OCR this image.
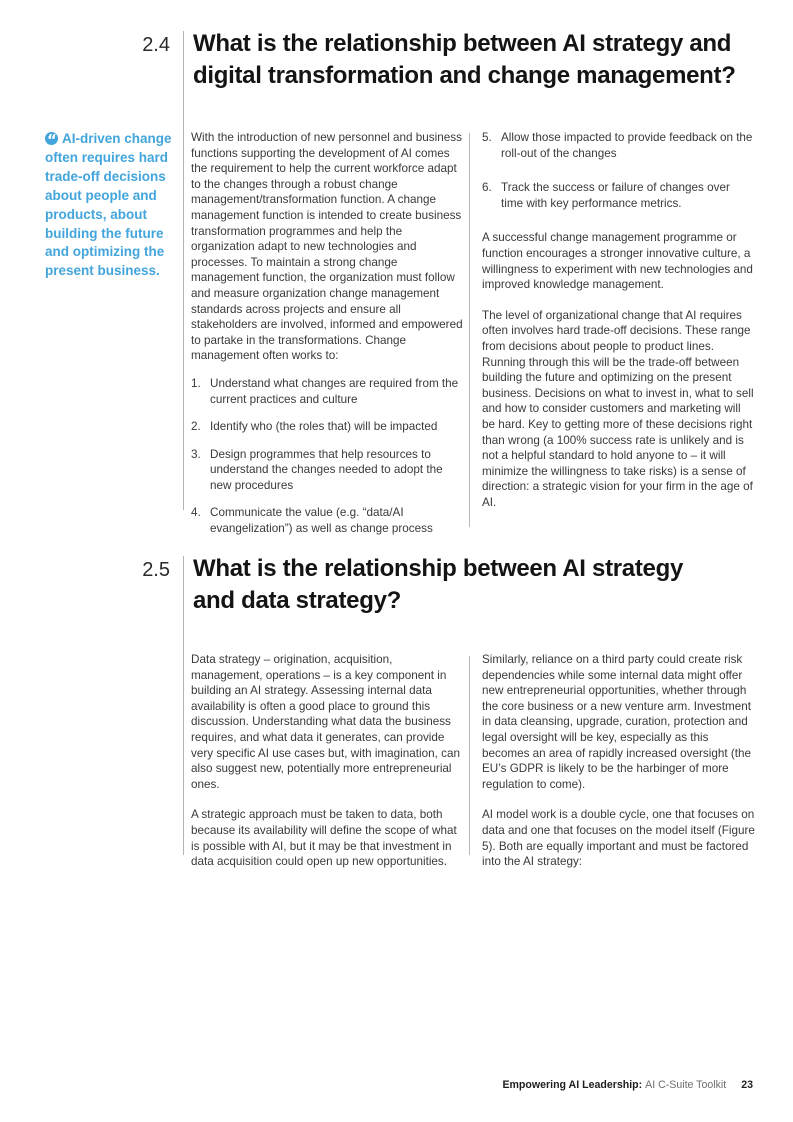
2.4 What is the relationship between AI strategy and
digital transformation and change management?
“AI-driven change often requires hard trade-off decisions about people and products, about building the future and optimizing the present business.

With the introduction of new personnel and business functions supporting the development of AI comes the requirement to help the current workforce adapt to the changes through a robust change management/transformation function. A change management function is intended to create business transformation programmes and help the organization adapt to new technologies and processes. To maintain a strong change management function, the organization must follow and measure organization change management standards across projects and ensure all stakeholders are involved, informed and empowered to partake in the transformations. Change management often works to:

1. Understand what changes are required from the current practices and culture
2. Identify who (the roles that) will be impacted
3. Design programmes that help resources to understand the changes needed to adopt the new procedures
4. Communicate the value (e.g. “data/AI evangelization”) as well as change process
5. Allow those impacted to provide feedback on the roll-out of the changes
6. Track the success or failure of changes over time with key performance metrics.

A successful change management programme or function encourages a stronger innovative culture, a willingness to experiment with new technologies and improved knowledge management.

The level of organizational change that AI requires often involves hard trade-off decisions. These range from decisions about people to product lines. Running through this will be the trade-off between building the future and optimizing on the present business. Decisions on what to invest in, what to sell and how to consider customers and marketing will be hard. Key to getting more of these decisions right than wrong (a 100% success rate is unlikely and is not a helpful standard to hold anyone to – it will minimize the willingness to take risks) is a sense of direction: a strategic vision for your firm in the age of AI.

2.5 What is the relationship between AI strategy
and data strategy?

Data strategy – origination, acquisition, management, operations – is a key component in building an AI strategy. Assessing internal data availability is often a good place to ground this discussion. Understanding what data the business requires, and what data it generates, can provide very specific AI use cases but, with imagination, can also suggest new, potentially more entrepreneurial ones.

A strategic approach must be taken to data, both because its availability will define the scope of what is possible with AI, but it may be that investment in data acquisition could open up new opportunities.

Similarly, reliance on a third party could create risk dependencies while some internal data might offer new entrepreneurial opportunities, whether through the core business or a new venture arm. Investment in data cleansing, upgrade, curation, protection and legal oversight will be key, especially as this becomes an area of rapidly increased oversight (the EU’s GDPR is likely to be the harbinger of more regulation to come).

AI model work is a double cycle, one that focuses on data and one that focuses on the model itself (Figure 5). Both are equally important and must be factored into the AI strategy:

Empowering AI Leadership: AI C-Suite Toolkit 23
